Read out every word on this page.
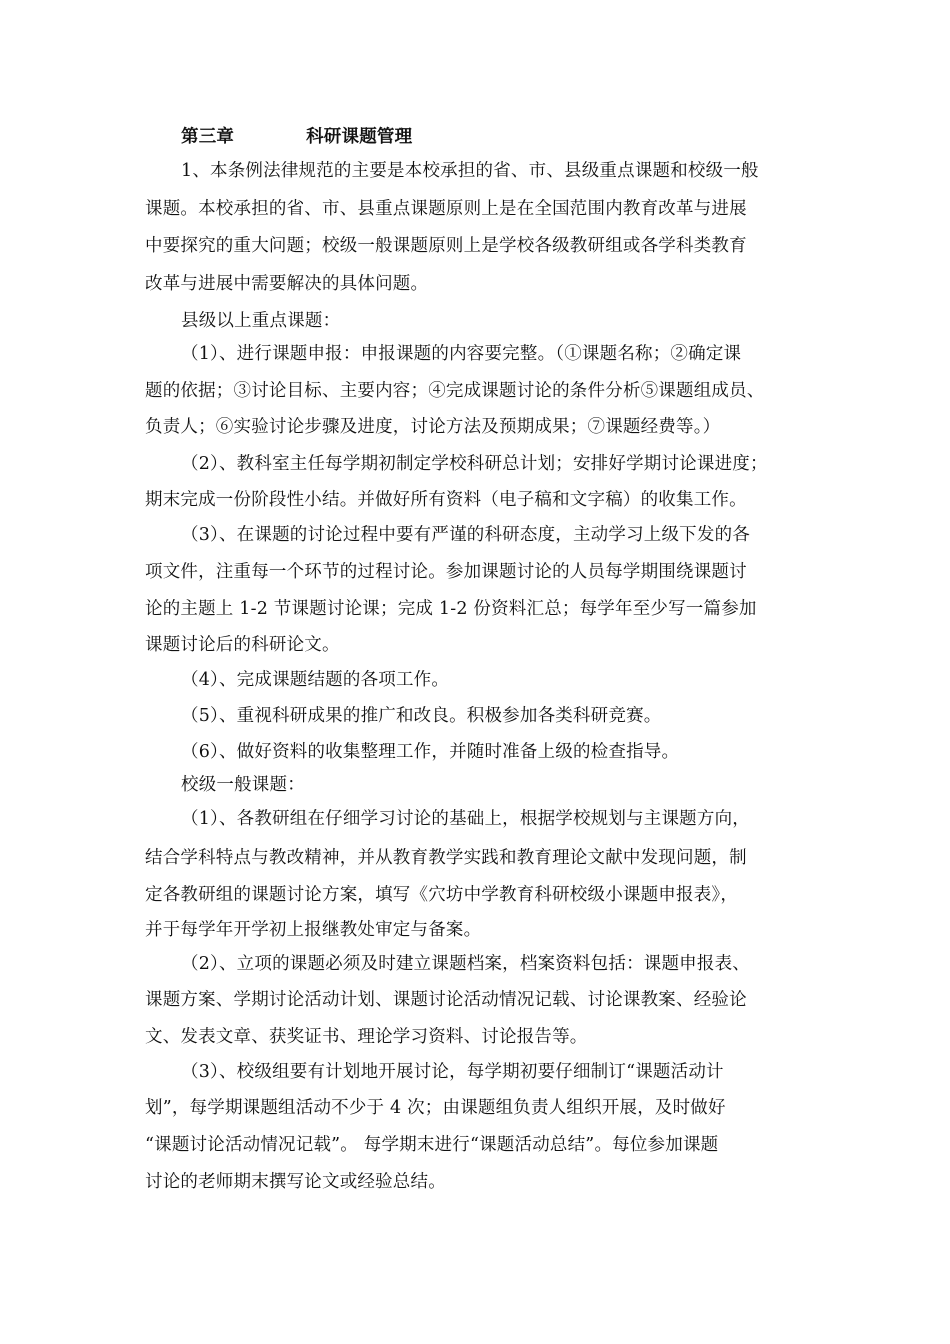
第三章	科研课题管理
1、本条例法律规范的主要是本校承担的省、市、县级重点课题和校级一般
课题。本校承担的省、市、县重点课题原则上是在全国范围内教育改革与进展
中要探究的重大问题；校级一般课题原则上是学校各级教研组或各学科类教育
改革与进展中需要解决的具体问题。
县级以上重点课题：
（1）、进行课题申报：申报课题的内容要完整。（①课题名称；②确定课
题的依据；③讨论目标、主要内容；④完成课题讨论的条件分析⑤课题组成员、
负责人；⑥实验讨论步骤及进度，讨论方法及预期成果；⑦课题经费等。）
（2）、教科室主任每学期初制定学校科研总计划；安排好学期讨论课进度；
期末完成一份阶段性小结。并做好所有资料（电子稿和文字稿）的收集工作。
（3）、在课题的讨论过程中要有严谨的科研态度，主动学习上级下发的各
项文件，注重每一个环节的过程讨论。参加课题讨论的人员每学期围绕课题讨
论的主题上 1-2 节课题讨论课；完成 1-2 份资料汇总；每学年至少写一篇参加
课题讨论后的科研论文。
（4）、完成课题结题的各项工作。
（5）、重视科研成果的推广和改良。积极参加各类科研竞赛。
（6）、做好资料的收集整理工作，并随时准备上级的检查指导。
校级一般课题：
（1）、各教研组在仔细学习讨论的基础上，根据学校规划与主课题方向，
结合学科特点与教改精神，并从教育教学实践和教育理论文献中发现问题，制
定各教研组的课题讨论方案，填写《穴坊中学教育科研校级小课题申报表》，
并于每学年开学初上报继教处审定与备案。
（2）、立项的课题必须及时建立课题档案，档案资料包括：课题申报表、
课题方案、学期讨论活动计划、课题讨论活动情况记载、讨论课教案、经验论
文、发表文章、获奖证书、理论学习资料、讨论报告等。
（3）、校级组要有计划地开展讨论，每学期初要仔细制订“课题活动计
划”，每学期课题组活动不少于 4 次；由课题组负责人组织开展，及时做好
“课题讨论活动情况记载”。 每学期末进行“课题活动总结”。每位参加课题
讨论的老师期末撰写论文或经验总结。
